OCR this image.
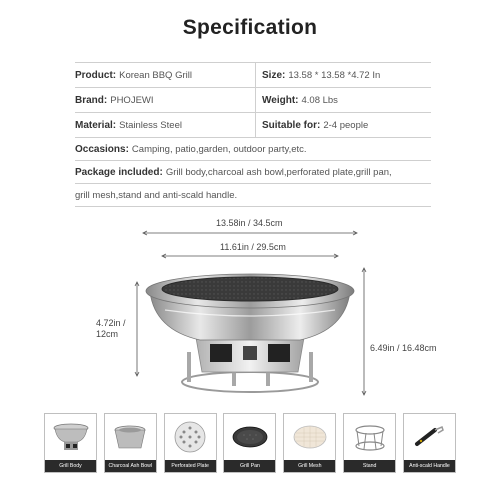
Specification
Product: Korean BBQ Grill	Size: 13.58 * 13.58 *4.72 In
Brand: PHOJEWI	Weight: 4.08 Lbs
Material: Stainless Steel	Suitable for: 2-4 people
Occasions: Camping, patio,garden, outdoor party,etc.
Package included: Grill body,charcoal ash bowl,perforated plate,grill pan,
grill mesh,stand and anti-scald handle.
13.58in / 34.5cm
11.61in / 29.5cm
4.72in /
12cm
6.49in / 16.48cm
Grill Body	Charcoal Ash Bowl	Perforated Plate	Grill Pan	Grill Mesh	Stand	Anti-scald Handle
